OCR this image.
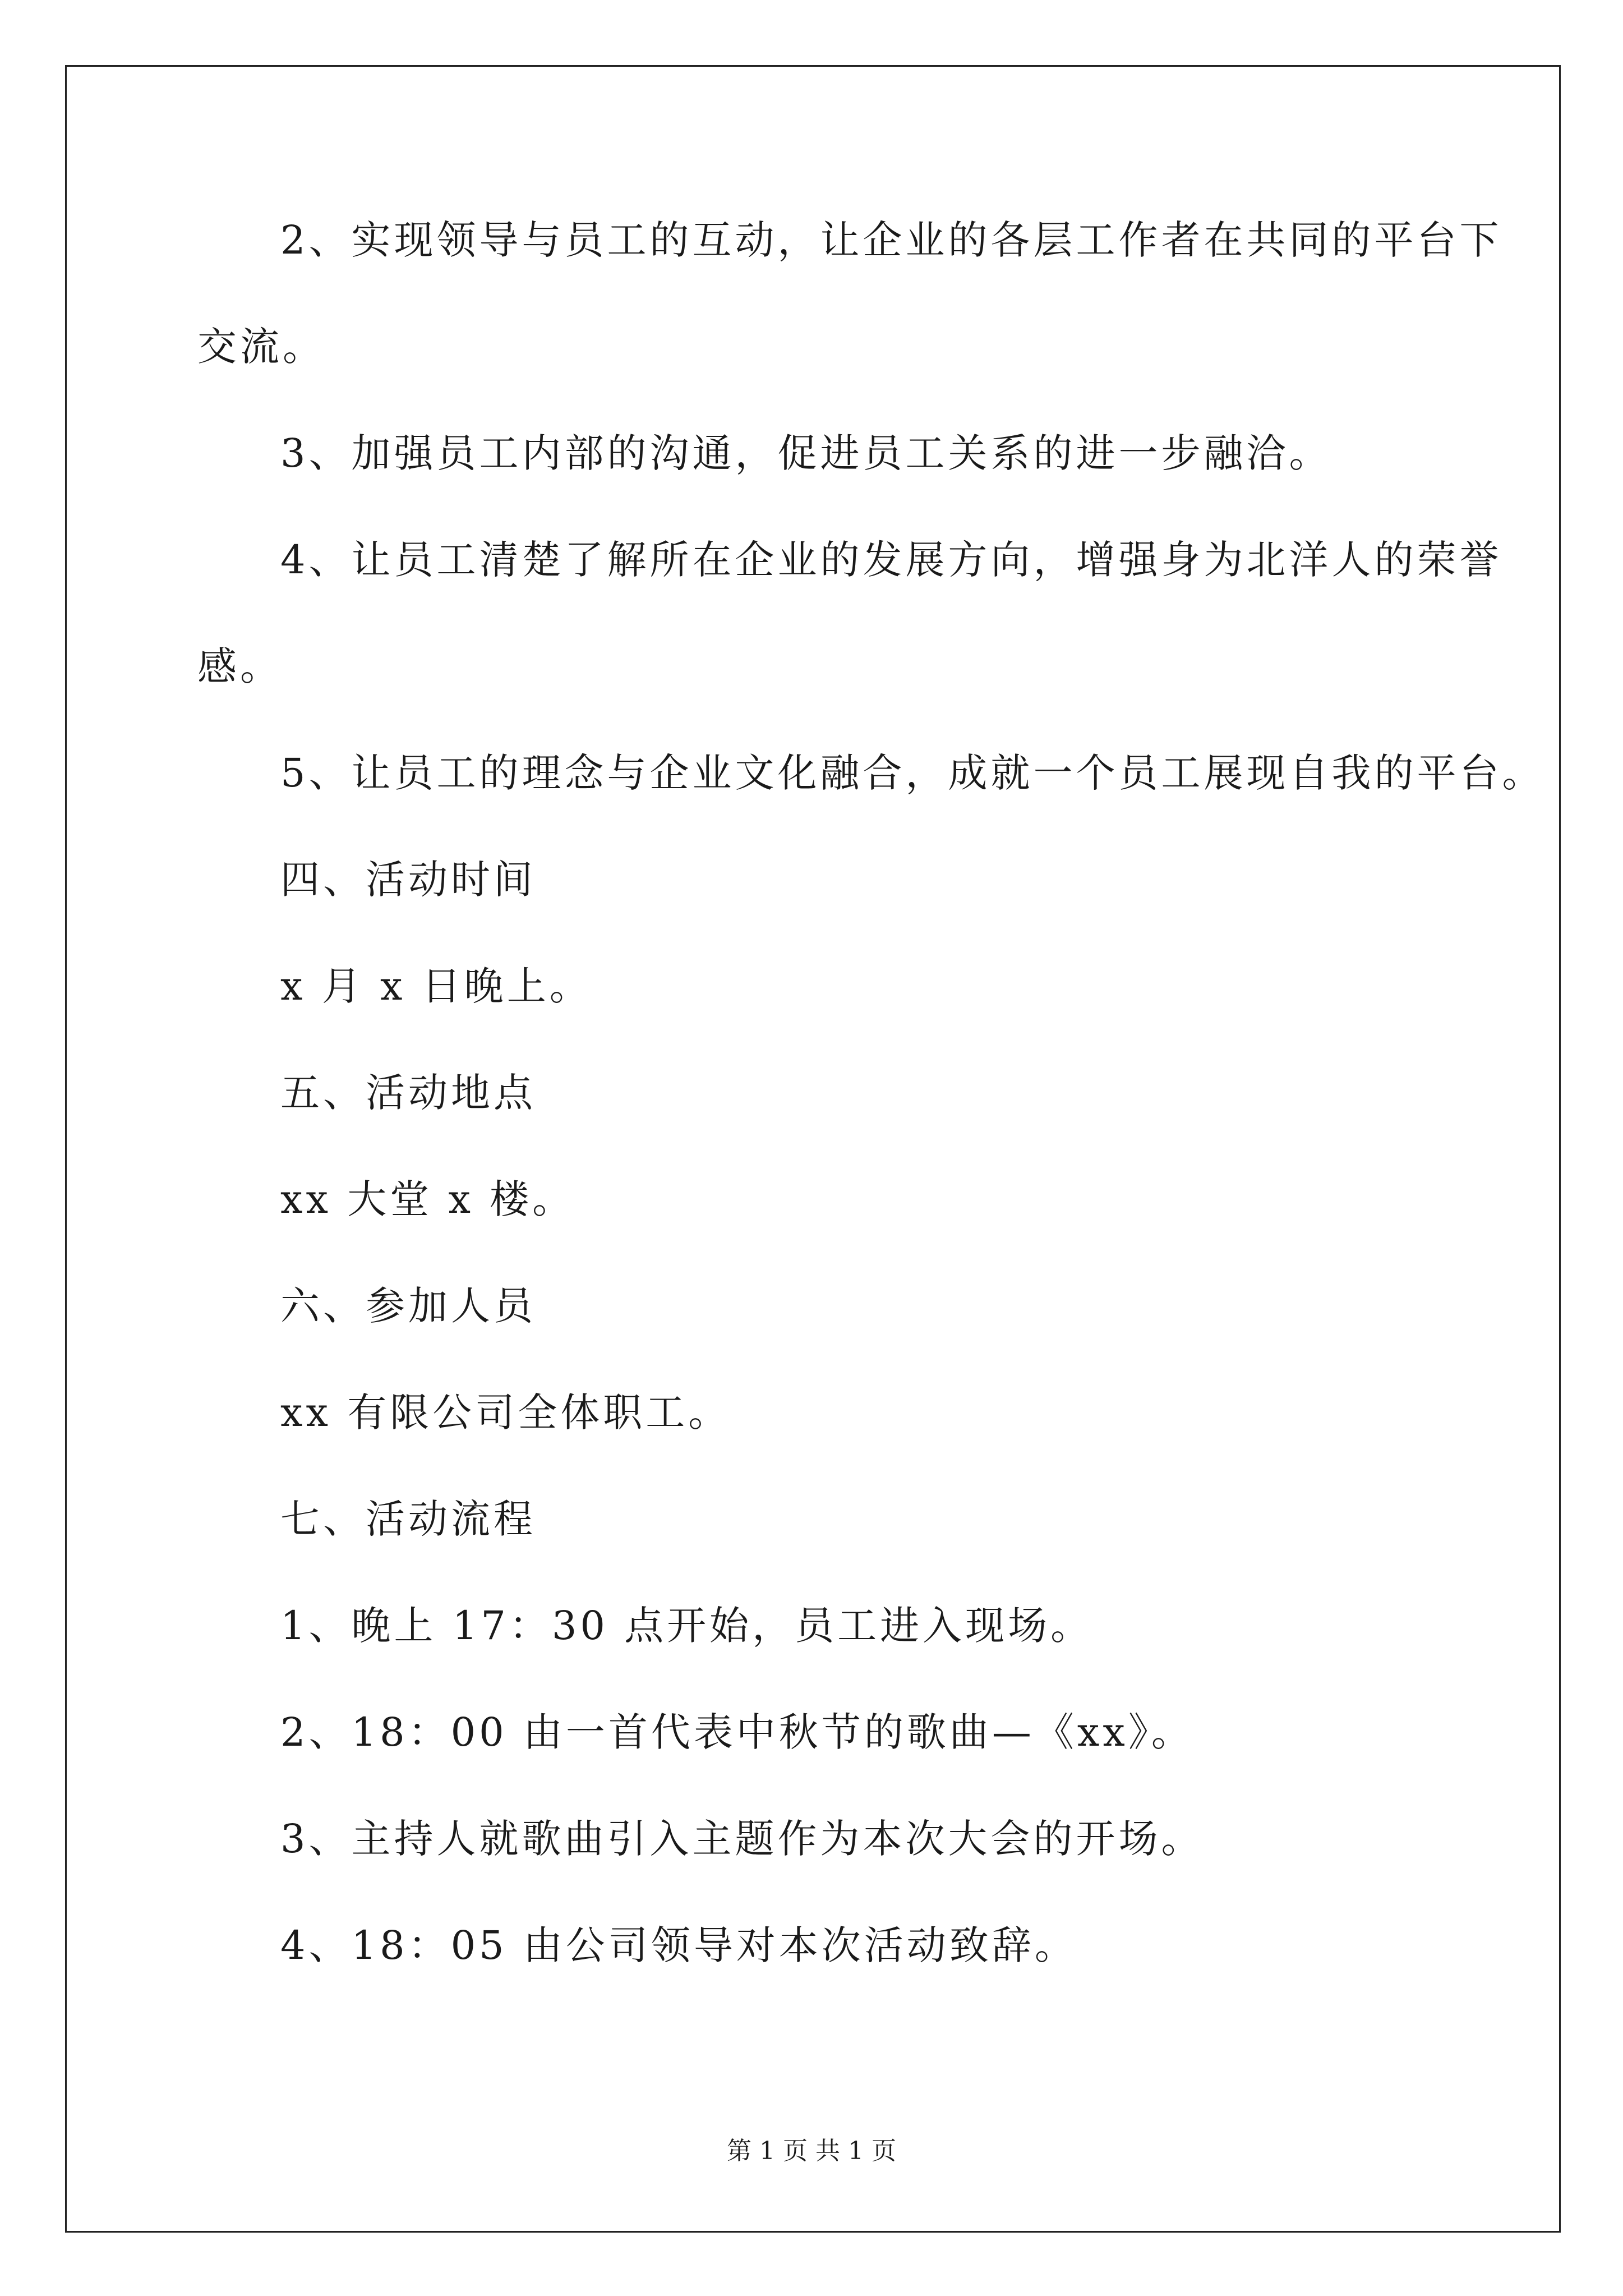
2、实现领导与员工的互动，让企业的各层工作者在共同的平台下
交流。
3、加强员工内部的沟通，促进员工关系的进一步融洽。
4、让员工清楚了解所在企业的发展方向，增强身为北洋人的荣誉
感。
5、让员工的理念与企业文化融合，成就一个员工展现自我的平台。
四、活动时间
x 月 x 日晚上。
五、活动地点
xx 大堂 x 楼。
六、参加人员
xx 有限公司全体职工。
七、活动流程
1、晚上 17：30 点开始，员工进入现场。
2、18：00 由一首代表中秋节的歌曲—《xx》。
3、主持人就歌曲引入主题作为本次大会的开场。
4、18：05 由公司领导对本次活动致辞。
第 1 页 共 1 页
